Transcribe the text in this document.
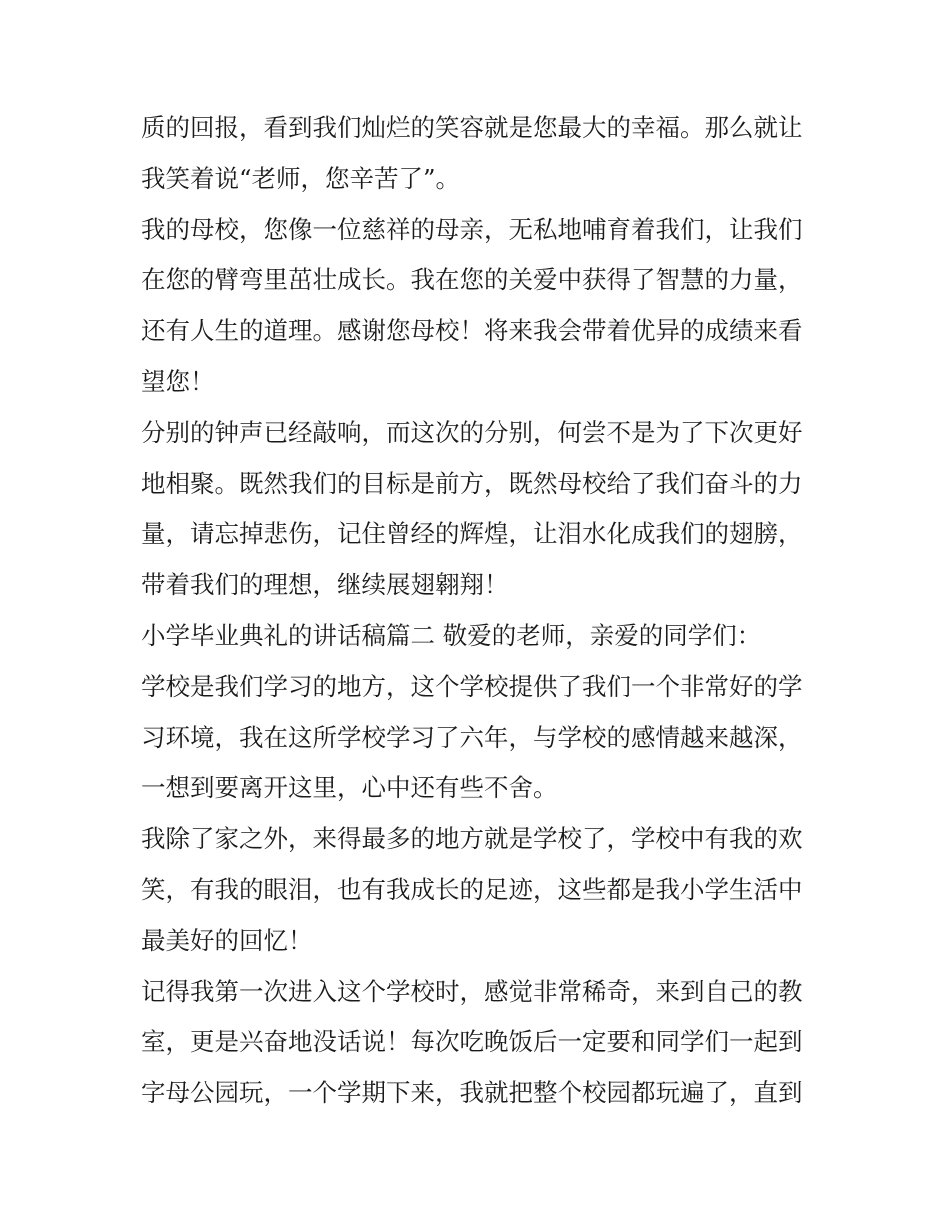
质的回报，看到我们灿烂的笑容就是您最大的幸福。那么就让
我笑着说“老师，您辛苦了”。
我的母校，您像一位慈祥的母亲，无私地哺育着我们，让我们
在您的臂弯里茁壮成长。我在您的关爱中获得了智慧的力量，
还有人生的道理。感谢您母校！将来我会带着优异的成绩来看
望您！
分别的钟声已经敲响，而这次的分别，何尝不是为了下次更好
地相聚。既然我们的目标是前方，既然母校给了我们奋斗的力
量，请忘掉悲伤，记住曾经的辉煌，让泪水化成我们的翅膀，
带着我们的理想，继续展翅翱翔！
小学毕业典礼的讲话稿篇二 敬爱的老师，亲爱的同学们：
学校是我们学习的地方，这个学校提供了我们一个非常好的学
习环境，我在这所学校学习了六年，与学校的感情越来越深，
一想到要离开这里，心中还有些不舍。
我除了家之外，来得最多的地方就是学校了，学校中有我的欢
笑，有我的眼泪，也有我成长的足迹，这些都是我小学生活中
最美好的回忆！
记得我第一次进入这个学校时，感觉非常稀奇，来到自己的教
室，更是兴奋地没话说！每次吃晚饭后一定要和同学们一起到
字母公园玩，一个学期下来，我就把整个校园都玩遍了，直到
